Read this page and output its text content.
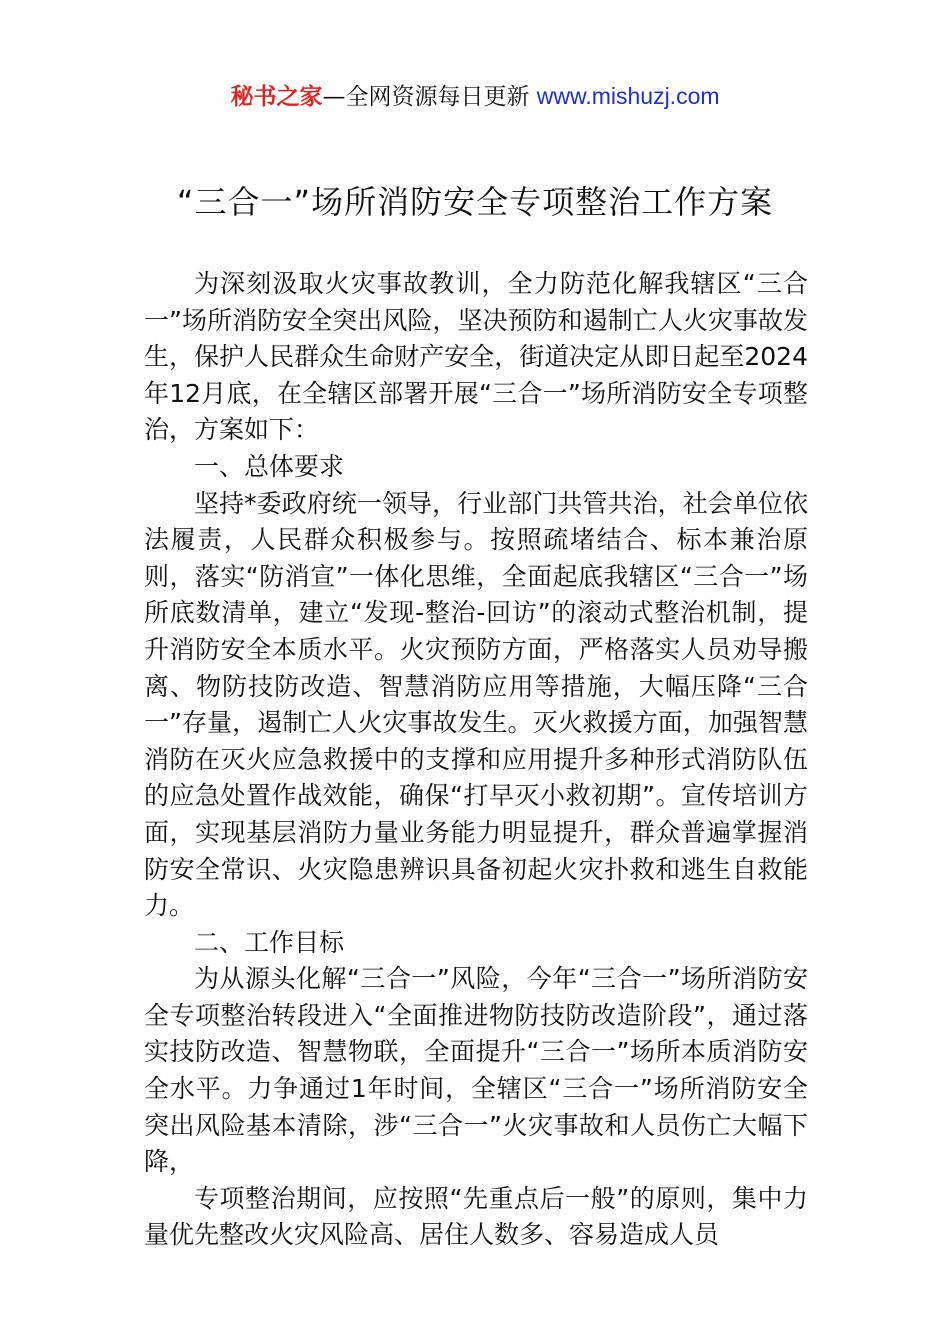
秘书之家—全网资源每日更新 www.mishuzj.com
“三合一”场所消防安全专项整治工作方案

为深刻汲取火灾事故教训，全力防范化解我辖区“三合一”场所消防安全突出风险，坚决预防和遏制亡人火灾事故发生，保护人民群众生命财产安全，街道决定从即日起至2024年12月底，在全辖区部署开展“三合一”场所消防安全专项整治，方案如下：

一、总体要求

坚持*委政府统一领导，行业部门共管共治，社会单位依法履责，人民群众积极参与。按照疏堵结合、标本兼治原则，落实“防消宣”一体化思维，全面起底我辖区“三合一”场所底数清单，建立“发现-整治-回访”的滚动式整治机制，提升消防安全本质水平。火灾预防方面，严格落实人员劝导搬离、物防技防改造、智慧消防应用等措施，大幅压降“三合一”存量，遏制亡人火灾事故发生。灭火救援方面，加强智慧消防在灭火应急救援中的支撑和应用提升多种形式消防队伍的应急处置作战效能，确保“打早灭小救初期”。宣传培训方面，实现基层消防力量业务能力明显提升，群众普遍掌握消防安全常识、火灾隐患辨识具备初起火灾扑救和逃生自救能力。

二、工作目标

为从源头化解“三合一”风险，今年“三合一”场所消防安全专项整治转段进入“全面推进物防技防改造阶段”，通过落实技防改造、智慧物联，全面提升“三合一”场所本质消防安全水平。力争通过1年时间，全辖区“三合一”场所消防安全突出风险基本清除，涉“三合一”火灾事故和人员伤亡大幅下降，

专项整治期间，应按照“先重点后一般”的原则，集中力量优先整改火灾风险高、居住人数多、容易造成人员
